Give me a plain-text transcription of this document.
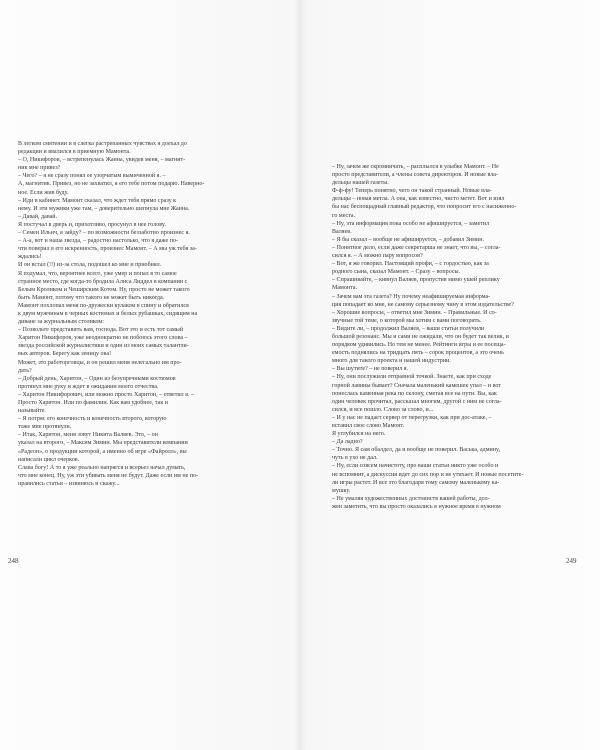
В легком смятении и в слегка растрепанных чувствах я доехал до

редакции и ввалился в приемную Мамонта.

– О, Никифоров, – встрепенулась Жанна, увидев меня, – магнит-

ник мне привез?

– Чего? – я не сразу понял ее узорчатым вымиченной я. –

А, магнитик. Привез, но не захватил, я его тебе потом подарю. Наверно-

ное. Если жив буду.

– Иди в кабинет. Мамонт сказал, что ждет тебя прямо сразу к

нему. И эти мужики уже там, – доверительно шепнула мне Жанна.

– Давай, давай.

Я постучал в дверь и, прихотливо, просунул в нее голову.

– Семен Ильич, я зайду? – по возможности беззаботно произнес я.

– А-а, вот и наша звезда, – радостно настолько, что я даже по-

чти поверил в его искренность, произнес Мамонт. – А мы уж тебя за-

ждались!

И он встал (!!) из-за стола, подошел ко мне и приобнял.

Я подумал, что, вероятнее всего, уже умер и попал в то самое

странное место, где когда-то бродила Алиса Лиддел в компании с

Белым Кроликом и Чеширским Котом. Ну, просто не может такого

быть Мамонт, потому что такого не может быть никогда.

Мамонт похлопал меня по-дружески кулаком в спину и обратился

к двум мужчинам в черных костюмах и белых рубашках, сидящим на

диване за журнальным столиком:

– Позвольте представить вам, господа. Вот это и есть тот самый

Харитон Никифоров, уже неоднократно не побоюсь этого слова –

звезда российской журналистики и один из моих самых талантли-

вых авторов. Берегу как зеницу ока!

Может, это работорговцы, и он решил меня нелегально им про-

дать?

– Добрый день, Харитон, – Один из безупречными костюмов

протянул мне руку и ждет в ожидании моего отчества.

– Харитон Никифорович, или можно просто Харитон, – ответил я. –

Просто Харитон. Или по фамилии. Как вам удобнее, так и

называйте.

– Я потряс его конечность и конечность второго, которую

тоже мне протянули.

– Итак, Харитон, меня зовут Никита Валяев. Это, – он

указал на второго, – Максим Зимин. Мы представители компании

«Радеон», о продукции которой, а именно об игре «Файролл», вы

написали цикл очерков.

Слава богу! А то я уже реально напрягся и всерьез начал думать,

что мне конец. Ну, уж эти убивать меня не будут. Даже если им не по-

нравились статьи – извинюсь и скажу...

– Ну, зачем же скромничать, – расплылся в улыбке Мамонт. – Не

просто представители, а члены совета директоров. И новые вла-

дельцы нашей газеты.

Ф-ф-фу! Теперь понятно, чего он такой странный. Новые вла-

дельцы – новая метла. А она, как известно, чисто метет. Вот и взял

бы нас беспощадный главный редактор, что попросит его с насиженно-

го места.

– Ну, эта информация пока особо не афишируется, – заметил

Валяев.

– Я бы сказал – вообще не афишируется, – добавил Зимин.

– Понятное дело, если даже секретарша не знает, что вы, – согла-

сился я. – А можно пару вопросов?

– Вот, я же говорил. Настоящий профи, – с гордостью, как за

родного сына, сказал Мамонт. – Сразу – вопросы.

– Спрашивайте, – кивнул Валяев, пропустив мимо ушей реплику

Мамонта.

– Зачем вам эта газета? Ну почему неафишируемая информа-

ция попадает ко мне, не самому серьезному чину в этом издательстве?

– Хорошие вопросы, – ответил мне Зимин. – Правильные. И со-

звучные той теме, о которой мы хотим с вами поговорить.

– Видите ли, – продолжил Валяев, – ваши статьи получили

большой резонанс. Мы и сами не ожидали, что он будет так велик, и

порядком удивились. Но тем не менее. Рейтинги игры и ее посеща-

емость поднялись на тридцать пять – сорок процентов, а это очень

много для такого проекта и нашей индустрии.

– Вы шутите? – не поверил я.

– Ну, они послужили отправной точкой. Знаете, как при сходе

горной лавины бывает? Сначала маленький камешек упал – и вот

понеслась каменная река по склону, сметая все на пути. Вы, как

один человек прочитал, рассказал многим, другой с ним не согла-

сился, и все пошло. Слово за слово, и...

– И у нас не падает сервер от перегрузки, как при доc-атаке, –

вставил свое слово Мамонт.

Я углубился на него.

– Да ладно?

– Точно. Я сам обалдел, да и вообще не поверил. Васька, админу,

чуть в ухо не дал.

– Ну, если совсем начистоту, про ваши статьи никто уже особо и

не вспомнит, а дискуссия идет до сих пор и не утихает. И новые посетите-

ли игры растет. И все это благодаря тому самому маленькому ка-

мушку.

– Не умаляя художественных достоинств вашей работы, дол-

жен заметить, что вы просто оказались в нужное время в нужном

248	249
